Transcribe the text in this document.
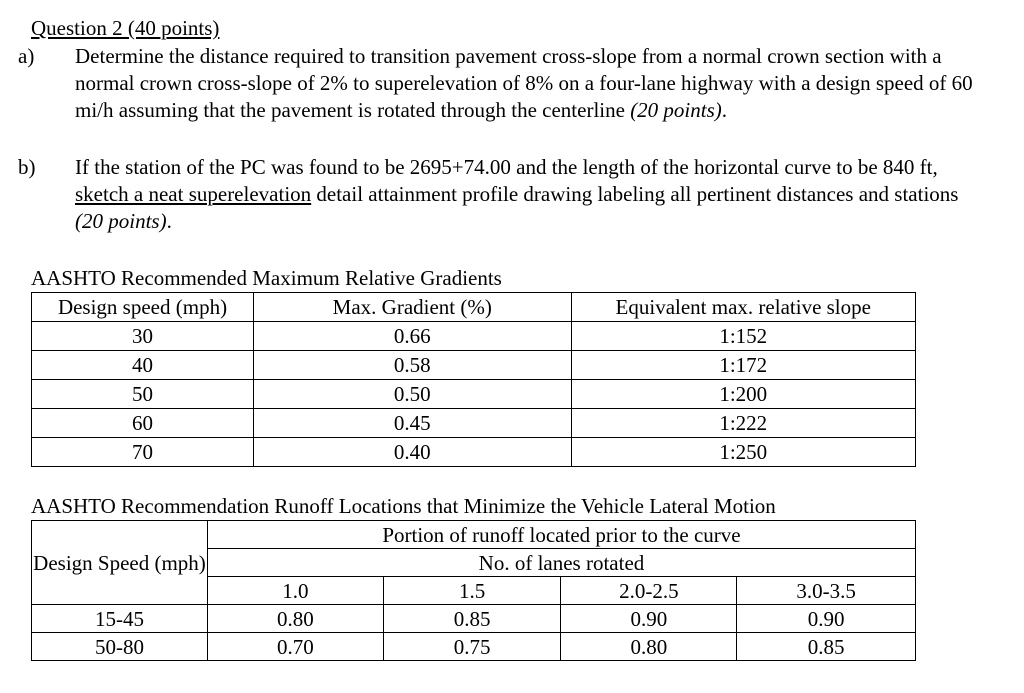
Question 2 (40 points)
a) Determine the distance required to transition pavement cross-slope from a normal crown section with a normal crown cross-slope of 2% to superelevation of 8% on a four-lane highway with a design speed of 60 mi/h assuming that the pavement is rotated through the centerline (20 points).
b) If the station of the PC was found to be 2695+74.00 and the length of the horizontal curve to be 840 ft, sketch a neat superelevation detail attainment profile drawing labeling all pertinent distances and stations (20 points).
AASHTO Recommended Maximum Relative Gradients
Design speed (mph)	Max. Gradient (%)	Equivalent max. relative slope
30	0.66	1:152
40	0.58	1:172
50	0.50	1:200
60	0.45	1:222
70	0.40	1:250
AASHTO Recommendation Runoff Locations that Minimize the Vehicle Lateral Motion
Design Speed (mph)	Portion of runoff located prior to the curve			
	No. of lanes rotated			
	1.0	1.5	2.0-2.5	3.0-3.5
15-45	0.80	0.85	0.90	0.90
50-80	0.70	0.75	0.80	0.85
